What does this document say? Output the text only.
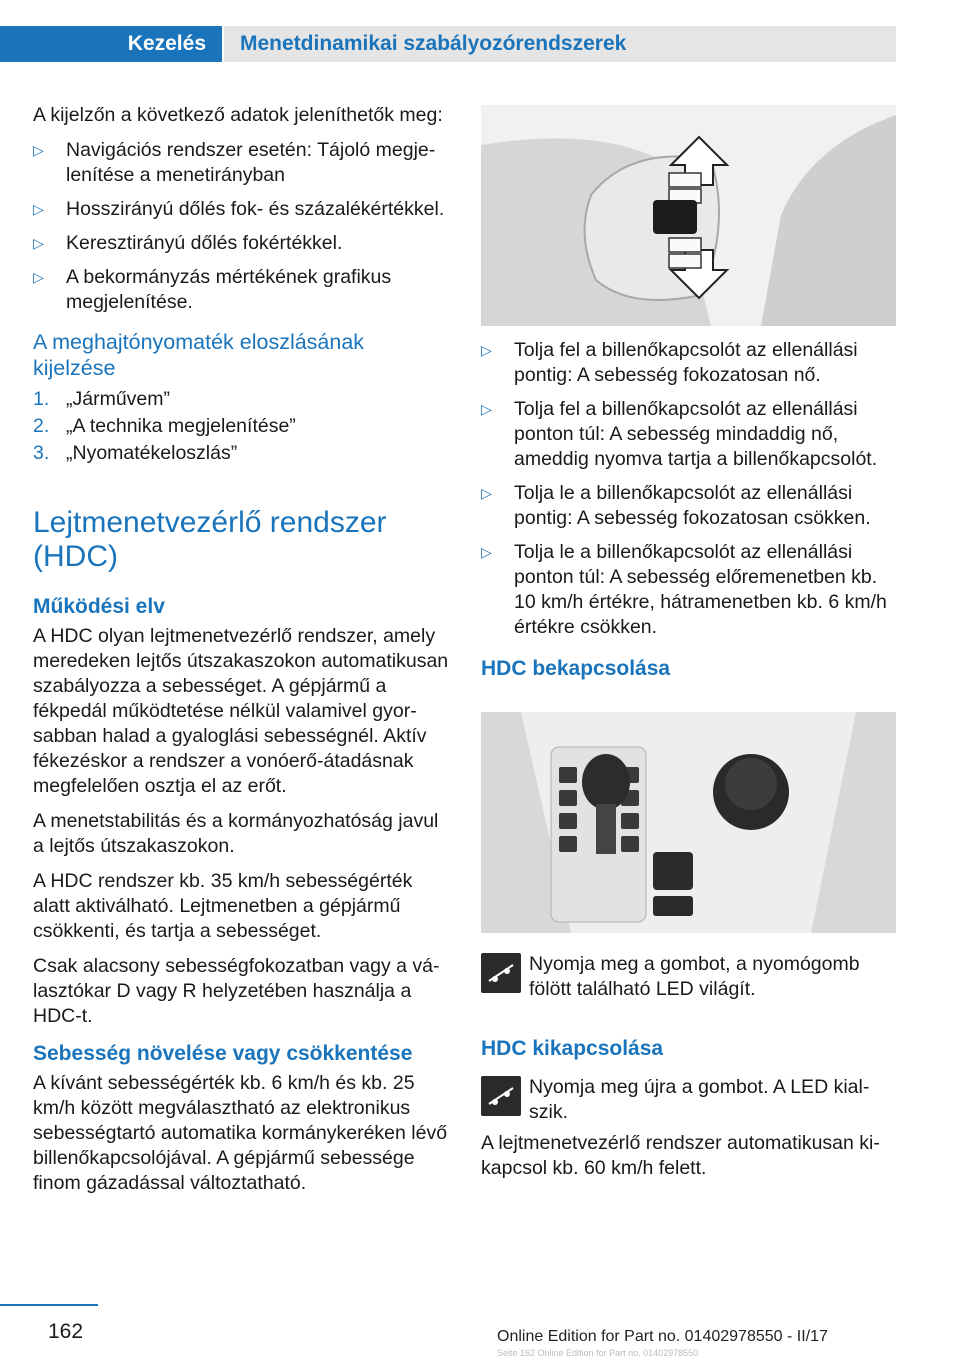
Kezelés	Menetdinamikai szabályozórendszerek

A kijelzőn a következő adatok jeleníthetők meg:

▷ Navigációs rendszer esetén: Tájoló megjelenítése a menetirányban
▷ Hosszirányú dőlés fok- és százalékértékkel.
▷ Keresztirányú dőlés fokértékkel.
▷ A bekormányzás mértékének grafikus megjelenítése.
A meghajtónyomaték eloszlásának kijelzése
1. „Járművem”
2. „A technika megjelenítése”
3. „Nyomatékeloszlás”
Lejtmenetvezérlő rendszer (HDC)
Működési elv

A HDC olyan lejtmenetvezérlő rendszer, amely meredeken lejtős útszakaszokon automatikusan szabályozza a sebességet. A gépjármű a fékpedál működtetése nélkül valamivel gyorsabban halad a gyaloglási sebességnél. Aktív fékezéskor a rendszer a vonóerő-átadásnak megfelelően osztja el az erőt.

A menetstabilitás és a kormányozhatóság javul a lejtős útszakaszokon.

A HDC rendszer kb. 35 km/h sebességérték alatt aktiválható. Lejtmenetben a gépjármű csökkenti, és tartja a sebességet.

Csak alacsony sebességfokozatban vagy a választókar D vagy R helyzetében használja a HDC-t.

Sebesség növelése vagy csökkentése

A kívánt sebességérték kb. 6 km/h és kb. 25 km/h között megválasztható az elektronikus sebességtartó automatika kormánykeréken lévő billenőkapcsolójával. A gépjármű sebessége finom gázadással változtatható.

▷ Tolja fel a billenőkapcsolót az ellenállási pontig: A sebesség fokozatosan nő.
▷ Tolja fel a billenőkapcsolót az ellenállási ponton túl: A sebesség mindaddig nő, ameddig nyomva tartja a billenőkapcsolót.
▷ Tolja le a billenőkapcsolót az ellenállási pontig: A sebesség fokozatosan csökken.
▷ Tolja le a billenőkapcsolót az ellenállási ponton túl: A sebesség előremenetben kb. 10 km/h értékre, hátramenetben kb. 6 km/h értékre csökken.
HDC bekapcsolása
Nyomja meg a gombot, a nyomógomb fölött található LED világít.
HDC kikapcsolása
Nyomja meg újra a gombot. A LED kialszik.
A lejtmenetvezérlő rendszer automatikusan kikapcsol kb. 60 km/h felett.
162	Online Edition for Part no. 01402978550 - II/17
Seite 162 Online Edition for Part no. 01402978550
